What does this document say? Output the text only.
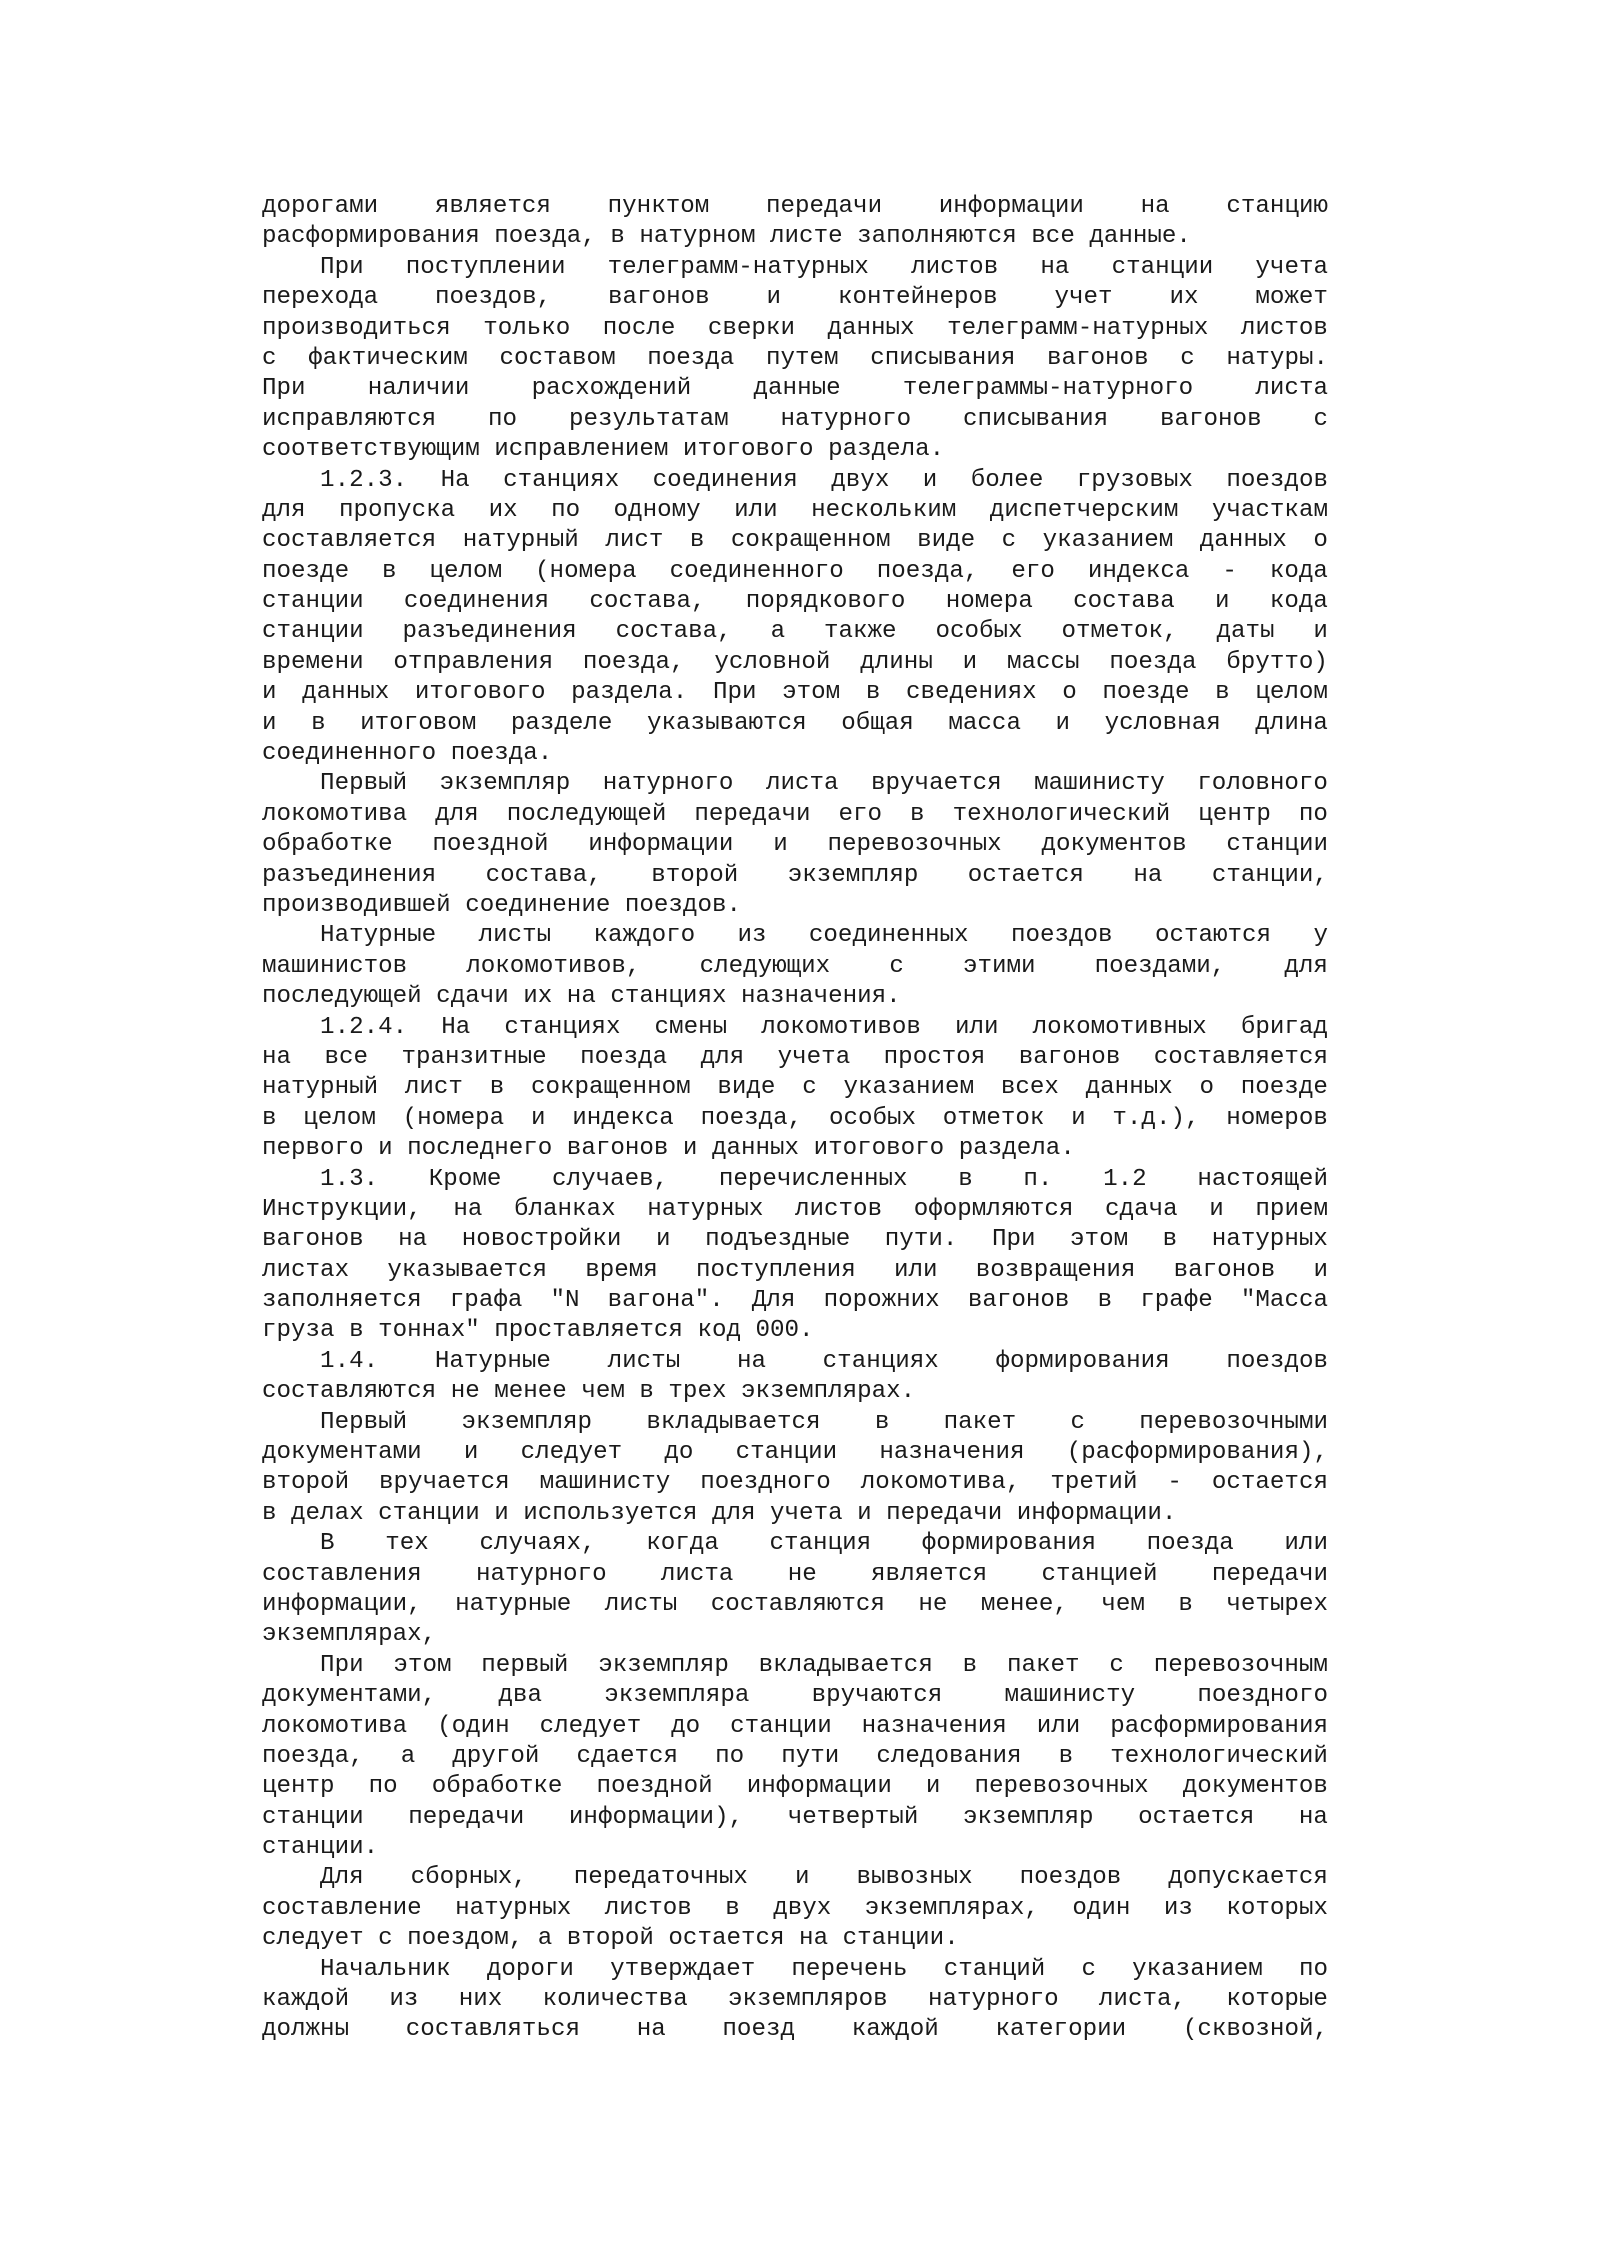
дорогами является пунктом передачи информации на станцию
расформирования поезда, в натурном листе заполняются все данные.
При поступлении телеграмм-натурных листов на станции учета
перехода поездов, вагонов и контейнеров учет их может
производиться только после сверки данных телеграмм-натурных листов
с фактическим составом поезда путем списывания вагонов с натуры.
При	наличии	расхождений	данные	телеграммы-натурного	листа
исправляются по результатам натурного списывания вагонов с
соответствующим исправлением итогового раздела.
1.2.3. На станциях соединения двух и более грузовых поездов
для пропуска их по одному или нескольким диспетчерским участкам
составляется натурный лист в сокращенном виде с указанием данных о
поезде в целом (номера соединенного поезда, его индекса - кода
станции соединения состава, порядкового номера состава и кода
станции разъединения состава, а также особых отметок, даты и
времени отправления поезда, условной длины и массы поезда брутто)
и данных итогового раздела. При этом в сведениях о поезде в целом
и в итоговом разделе указываются общая масса и условная длина
соединенного поезда.
Первый экземпляр натурного листа вручается машинисту головного
локомотива для последующей передачи его в технологический центр по
обработке поездной информации и перевозочных документов станции
разъединения состава, второй экземпляр остается на станции,
производившей соединение поездов.
Натурные листы каждого из соединенных поездов остаются у
машинистов локомотивов, следующих с этими поездами, для
последующей сдачи их на станциях назначения.
1.2.4. На станциях смены локомотивов или локомотивных бригад
на все транзитные поезда для учета простоя вагонов составляется
натурный лист в сокращенном виде с указанием всех данных о поезде
в целом (номера и индекса поезда, особых отметок и т.д.), номеров
первого и последнего вагонов и данных итогового раздела.
1.3. Кроме случаев, перечисленных в п. 1.2 настоящей
Инструкции, на бланках натурных листов оформляются сдача и прием
вагонов на новостройки и подъездные пути. При этом в натурных
листах указывается время поступления или возвращения вагонов и
заполняется графа "N вагона". Для порожних вагонов в графе "Масса
груза в тоннах" проставляется код 000.
1.4. Натурные листы на станциях формирования поездов
составляются не менее чем в трех экземплярах.
Первый экземпляр вкладывается в пакет с перевозочными
документами и следует до станции назначения (расформирования),
второй вручается машинисту поездного локомотива, третий - остается
в делах станции и используется для учета и передачи информации.
В тех случаях, когда станция формирования поезда или
составления натурного листа не является станцией передачи
информации, натурные листы составляются не менее, чем в четырех
экземплярах,
При этом первый экземпляр вкладывается в пакет с перевозочным
документами,	два	экземпляра	вручаются	машинисту	поездного
локомотива (один следует до станции назначения или расформирования
поезда, а другой сдается по пути следования в технологический
центр по обработке поездной информации и перевозочных документов
станции передачи информации), четвертый экземпляр остается на
станции.
Для сборных, передаточных и вывозных поездов допускается
составление натурных листов в двух экземплярах, один из которых
следует с поездом, а второй остается на станции.
Начальник дороги утверждает перечень станций с указанием по
каждой из них количества экземпляров натурного листа, которые
должны составляться на поезд каждой категории (сквозной,
